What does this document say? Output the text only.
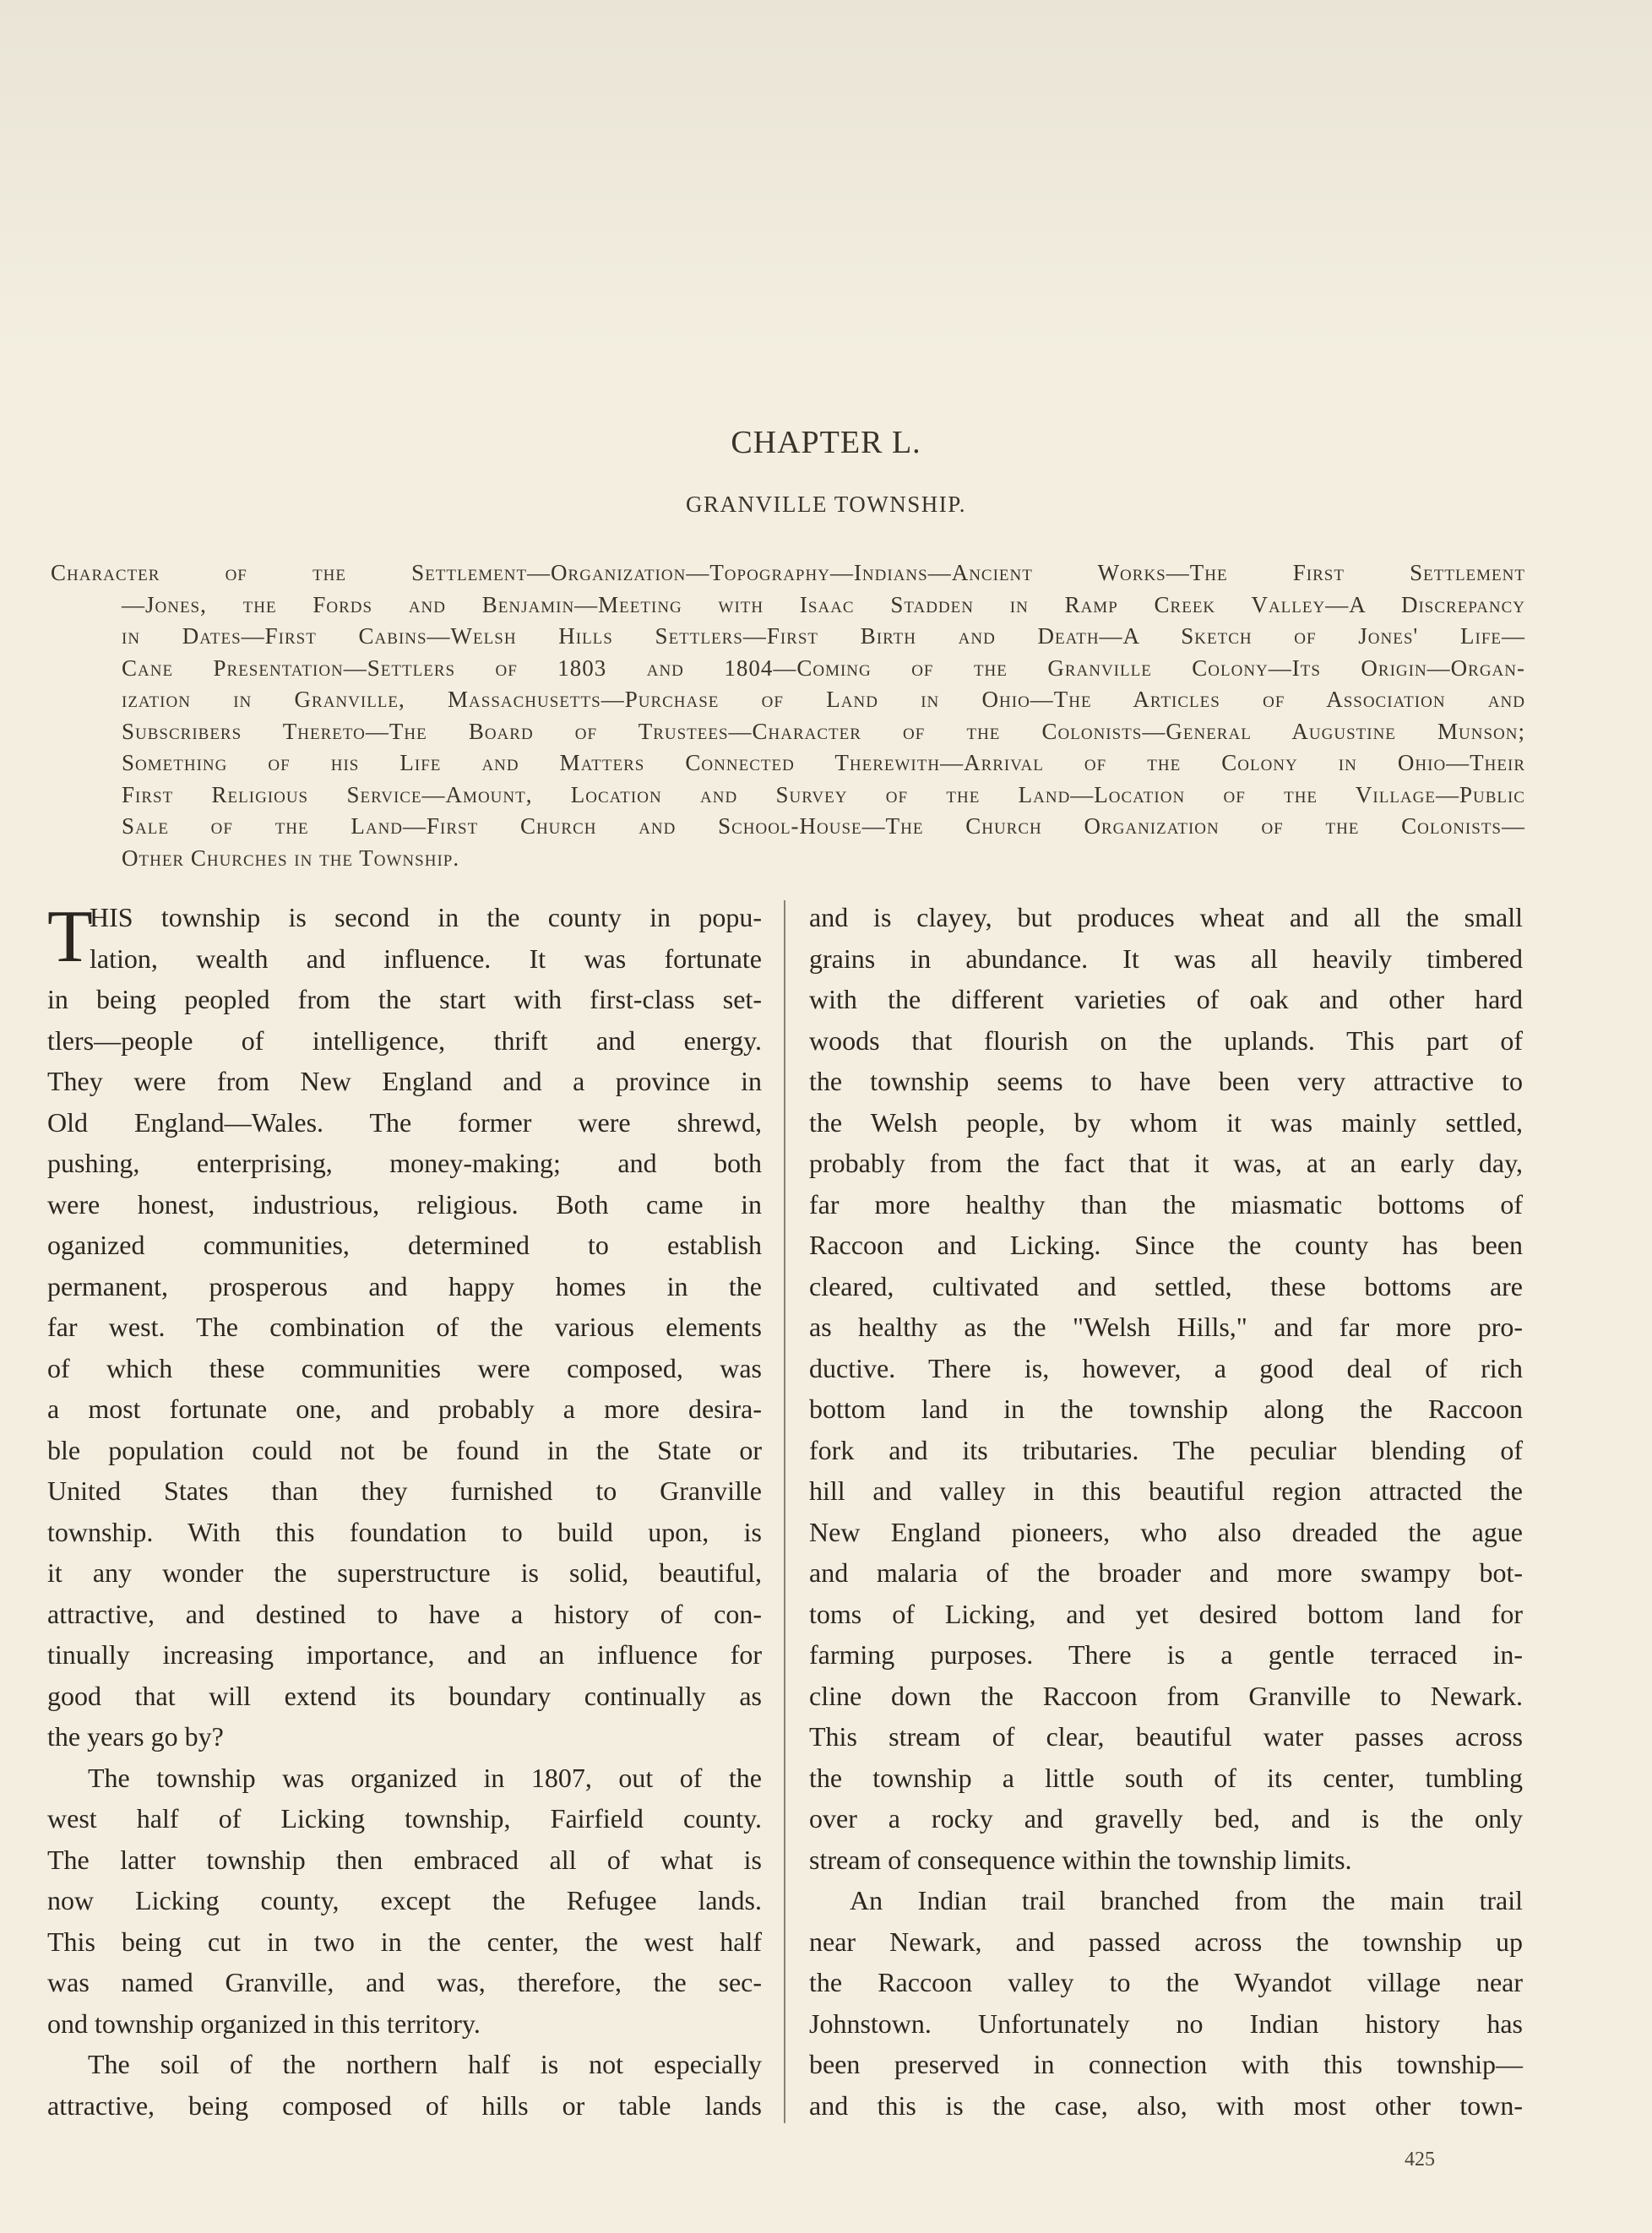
CHAPTER L.
GRANVILLE TOWNSHIP.
Character of the Settlement—Organization—Topography—Indians—Ancient Works—The First Settlement
—Jones, the Fords and Benjamin—Meeting with Isaac Stadden in Ramp Creek Valley—A Discrepancy
in Dates—First Cabins—Welsh Hills Settlers—First Birth and Death—A Sketch of Jones' Life—
Cane Presentation—Settlers of 1803 and 1804—Coming of the Granville Colony—Its Origin—Organ-
ization in Granville, Massachusetts—Purchase of Land in Ohio—The Articles of Association and
Subscribers Thereto—The Board of Trustees—Character of the Colonists—General Augustine Munson;
Something of his Life and Matters Connected Therewith—Arrival of the Colony in Ohio—Their
First Religious Service—Amount, Location and Survey of the Land—Location of the Village—Public
Sale of the Land—First Church and School-House—The Church Organization of the Colonists—
Other Churches in the Township.
T
HIS township is second in the county in popu-
lation, wealth and influence. It was fortunate
in being peopled from the start with first-class set-
tlers—people of intelligence, thrift and energy.
They were from New England and a province in
Old England—Wales. The former were shrewd,
pushing, enterprising, money-making; and both
were honest, industrious, religious. Both came in
oganized communities, determined to establish
permanent, prosperous and happy homes in the
far west. The combination of the various elements
of which these communities were composed, was
a most fortunate one, and probably a more desira-
ble population could not be found in the State or
United States than they furnished to Granville
township. With this foundation to build upon, is
it any wonder the superstructure is solid, beautiful,
attractive, and destined to have a history of con-
tinually increasing importance, and an influence for
good that will extend its boundary continually as
the years go by?
The township was organized in 1807, out of the
west half of Licking township, Fairfield county.
The latter township then embraced all of what is
now Licking county, except the Refugee lands.
This being cut in two in the center, the west half
was named Granville, and was, therefore, the sec-
ond township organized in this territory.
The soil of the northern half is not especially
attractive, being composed of hills or table lands
and is clayey, but produces wheat and all the small
grains in abundance. It was all heavily timbered
with the different varieties of oak and other hard
woods that flourish on the uplands. This part of
the township seems to have been very attractive to
the Welsh people, by whom it was mainly settled,
probably from the fact that it was, at an early day,
far more healthy than the miasmatic bottoms of
Raccoon and Licking. Since the county has been
cleared, cultivated and settled, these bottoms are
as healthy as the "Welsh Hills," and far more pro-
ductive. There is, however, a good deal of rich
bottom land in the township along the Raccoon
fork and its tributaries. The peculiar blending of
hill and valley in this beautiful region attracted the
New England pioneers, who also dreaded the ague
and malaria of the broader and more swampy bot-
toms of Licking, and yet desired bottom land for
farming purposes. There is a gentle terraced in-
cline down the Raccoon from Granville to Newark.
This stream of clear, beautiful water passes across
the township a little south of its center, tumbling
over a rocky and gravelly bed, and is the only
stream of consequence within the township limits.
An Indian trail branched from the main trail
near Newark, and passed across the township up
the Raccoon valley to the Wyandot village near
Johnstown. Unfortunately no Indian history has
been preserved in connection with this township—
and this is the case, also, with most other town-
425
